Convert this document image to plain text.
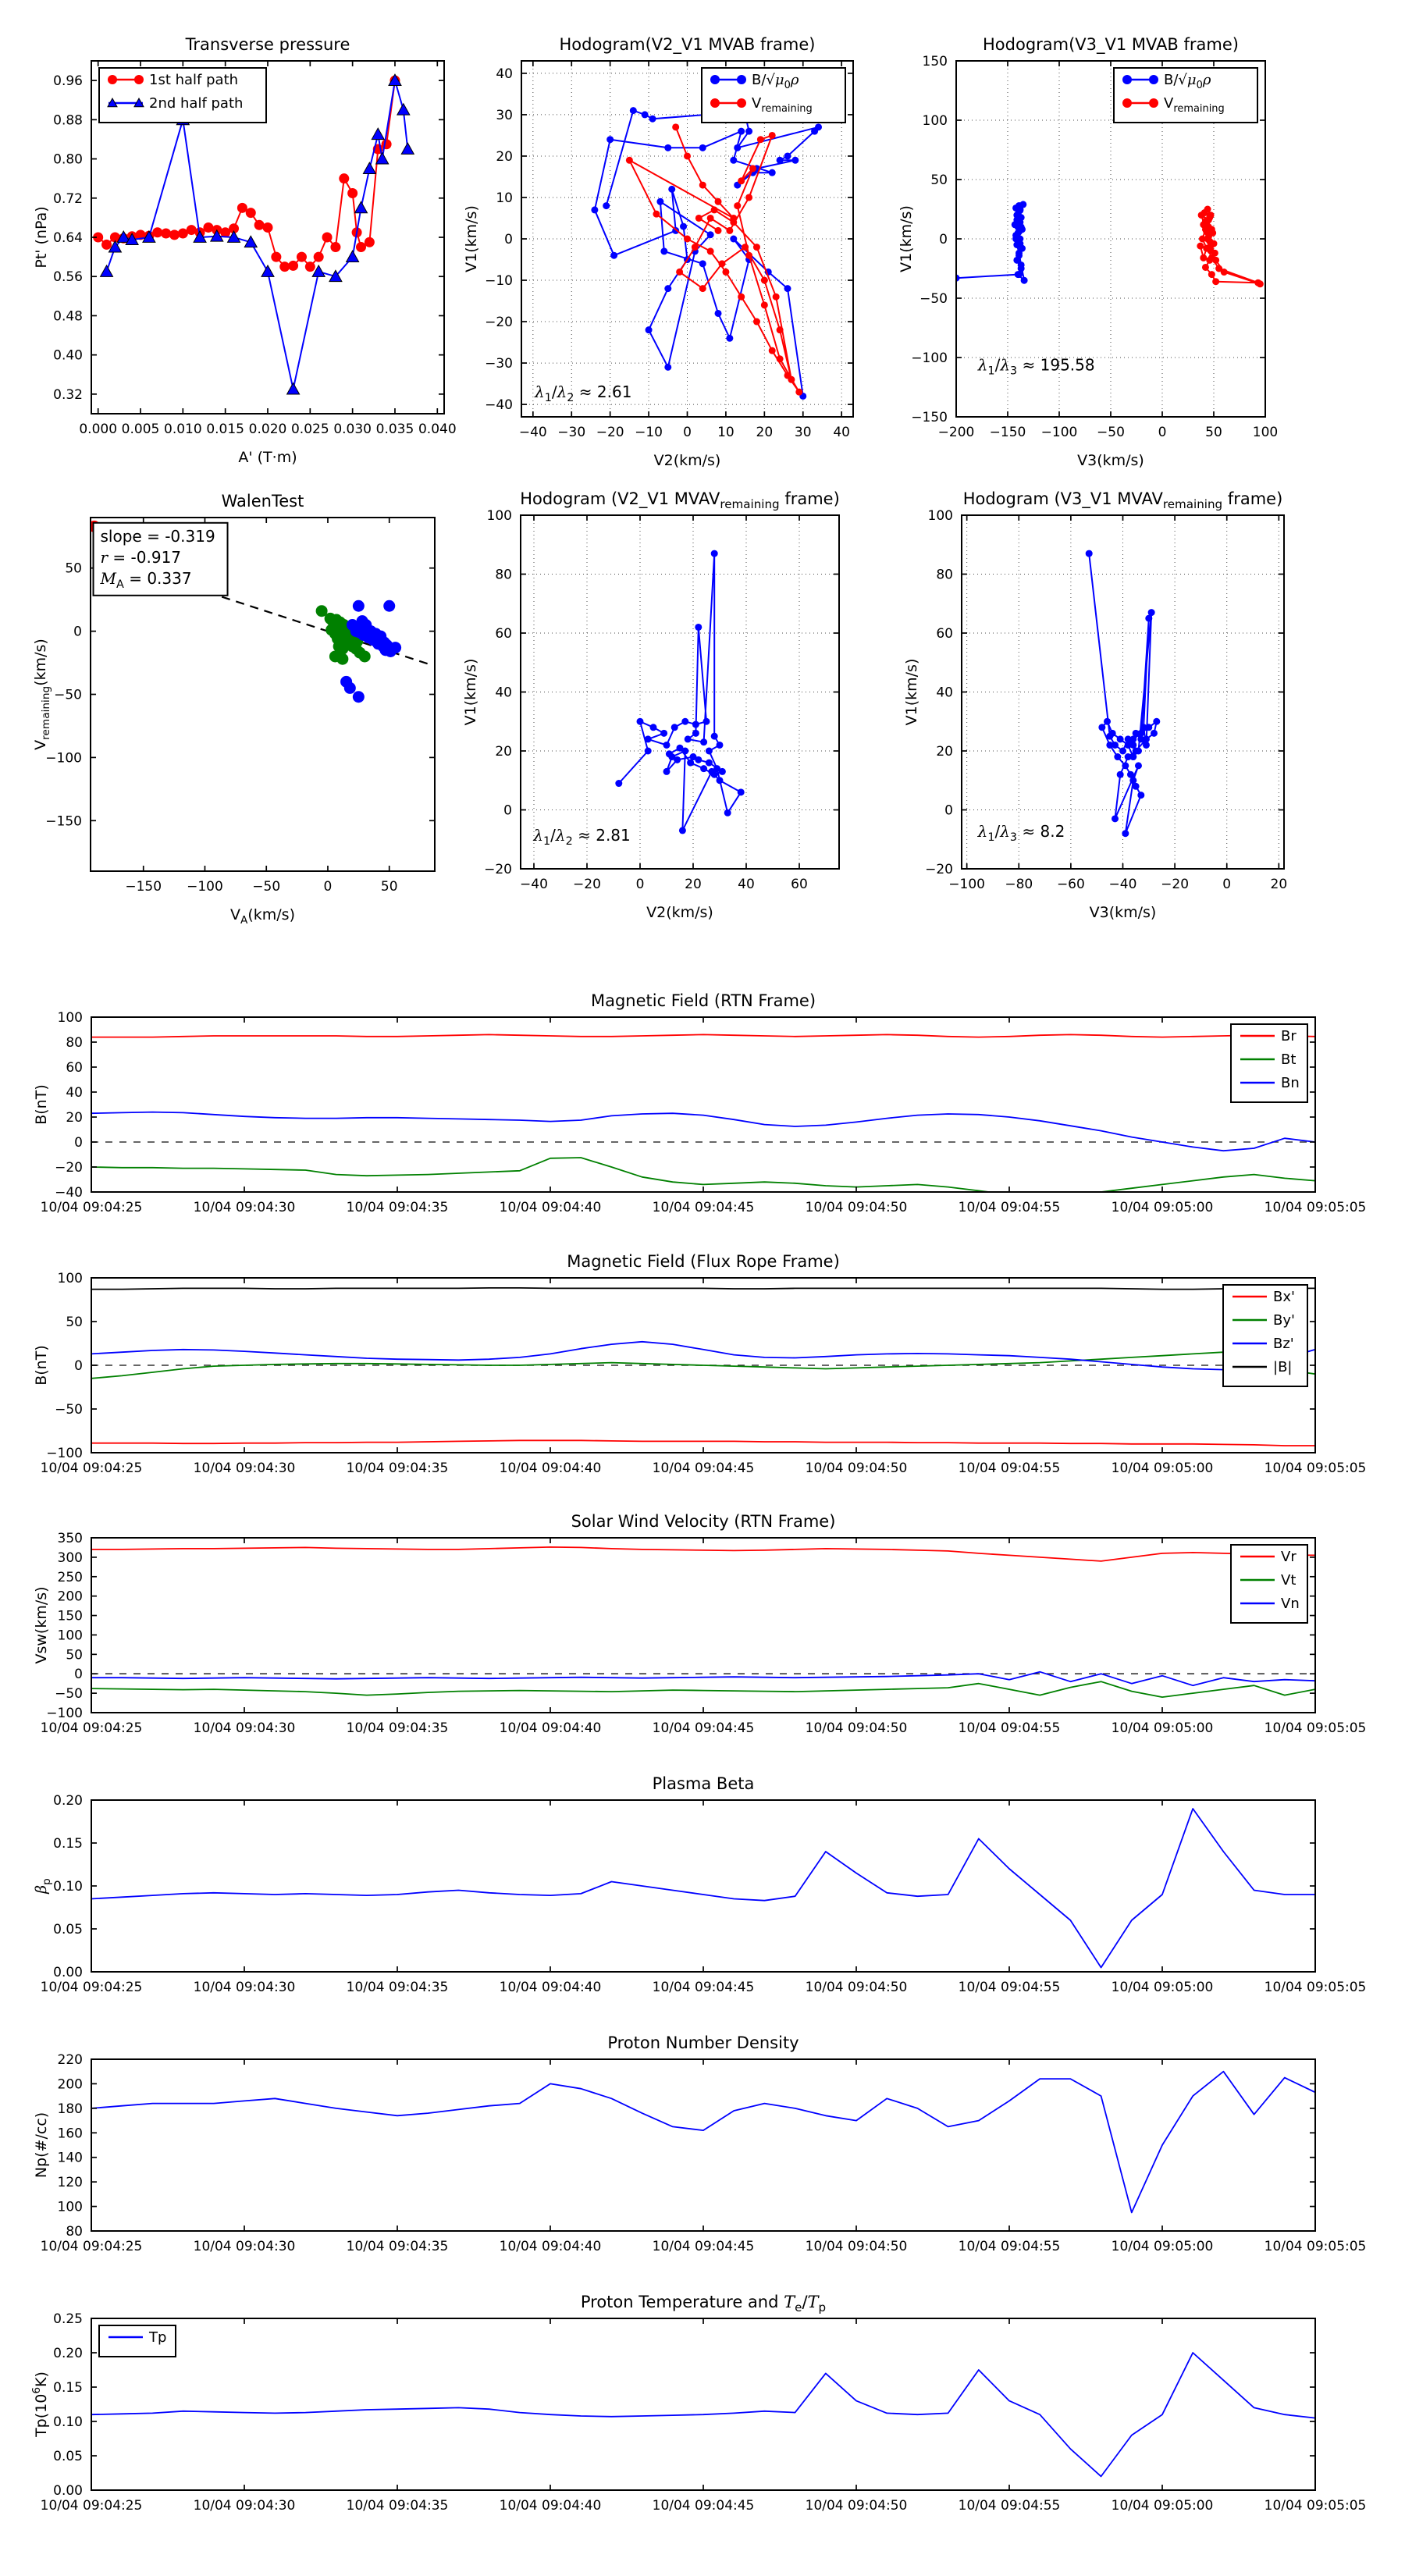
0.000 0.005 0.010 0.015 0.020 0.025 0.030 0.035 0.040
0.32
0.40
0.48
0.56
0.64
0.72
0.80
0.88
0.96
Transverse pressure
A' (T·m)
Pt' (nPa)
1st half path
2nd half path
−40 −30 −20 −10 0 10 20 30 40
−40
−30
−20
−10
0
10
20
30
40
Hodogram(V2_V1 MVAB frame)
V2(km/s)
V1(km/s)
$\lambda_1/\lambda_2 \approx 2.61$
$B/√\mu_0\rho$
$V_{remaining}$
−200 −150 −100 −50	0	50 100
−150
−100
−50
0
50
100
150
Hodogram(V3_V1 MVAB frame)
V3(km/s)
V1(km/s)
$\lambda_1/\lambda_3 \approx 195.58$
$B/√\mu_0\rho$
$V_{remaining}$
−150 −100 −50	0	50
50
0
−50
−100
−150
WalenTest
$V_A(km/s)$
$V_{remaining}(km/s)$
slope = -0.319
r = -0.917
$M_A = 0.337$
−40 −20	0	20	40	60
−20
0
20
40
60
80
100
Hodogram (V2_V1 $MVAV_{remaining}$ frame)
V2(km/s)
V1(km/s)
$\lambda_1/\lambda_2 \approx 2.81$
−100 −80 −60 −40 −20	0	20
−20
0
20
40
60
80
100
Hodogram (V3_V1 $MVAV_{remaining}$ frame)
V3(km/s)
V1(km/s)
$\lambda_1/\lambda_3 \approx 8.2$
10/04 09:04:25	10/04 09:04:30	10/04 09:04:35	10/04 09:04:40	10/04 09:04:45	10/04 09:04:50	10/04 09:04:55	10/04 09:05:00	10/04 09:05:05
−40
−20
0
20
40
60
80
100
Magnetic Field (RTN Frame)
B(nT)
Br
Bt
Bn
10/04 09:04:25	10/04 09:04:30	10/04 09:04:35	10/04 09:04:40	10/04 09:04:45	10/04 09:04:50	10/04 09:04:55	10/04 09:05:00	10/04 09:05:05
−100
−50
0
50
100
Magnetic Field (Flux Rope Frame)
B(nT)
Bx'
By'
Bz'
|B|
10/04 09:04:25	10/04 09:04:30	10/04 09:04:35	10/04 09:04:40	10/04 09:04:45	10/04 09:04:50	10/04 09:04:55	10/04 09:05:00	10/04 09:05:05
−100
−50
0
50
100
150
200
250
300
350
Solar Wind Velocity (RTN Frame)
Vsw(km/s)
Vr
Vt
Vn
10/04 09:04:25	10/04 09:04:30	10/04 09:04:35	10/04 09:04:40	10/04 09:04:45	10/04 09:04:50	10/04 09:04:55	10/04 09:05:00	10/04 09:05:05
0.00
0.05
0.10
0.15
0.20
Plasma Beta
$\beta_p$
10/04 09:04:25	10/04 09:04:30	10/04 09:04:35	10/04 09:04:40	10/04 09:04:45	10/04 09:04:50	10/04 09:04:55	10/04 09:05:00	10/04 09:05:05
80
100
120
140
160
180
200
220
Proton Number Density
Np(#/cc)
10/04 09:04:25	10/04 09:04:30	10/04 09:04:35	10/04 09:04:40	10/04 09:04:45	10/04 09:04:50	10/04 09:04:55	10/04 09:05:00	10/04 09:05:05
0.00
0.05
0.10
0.15
0.20
0.25
Proton Temperature and $T_e/T_p$
$Tp(10^6K)$
Tp
